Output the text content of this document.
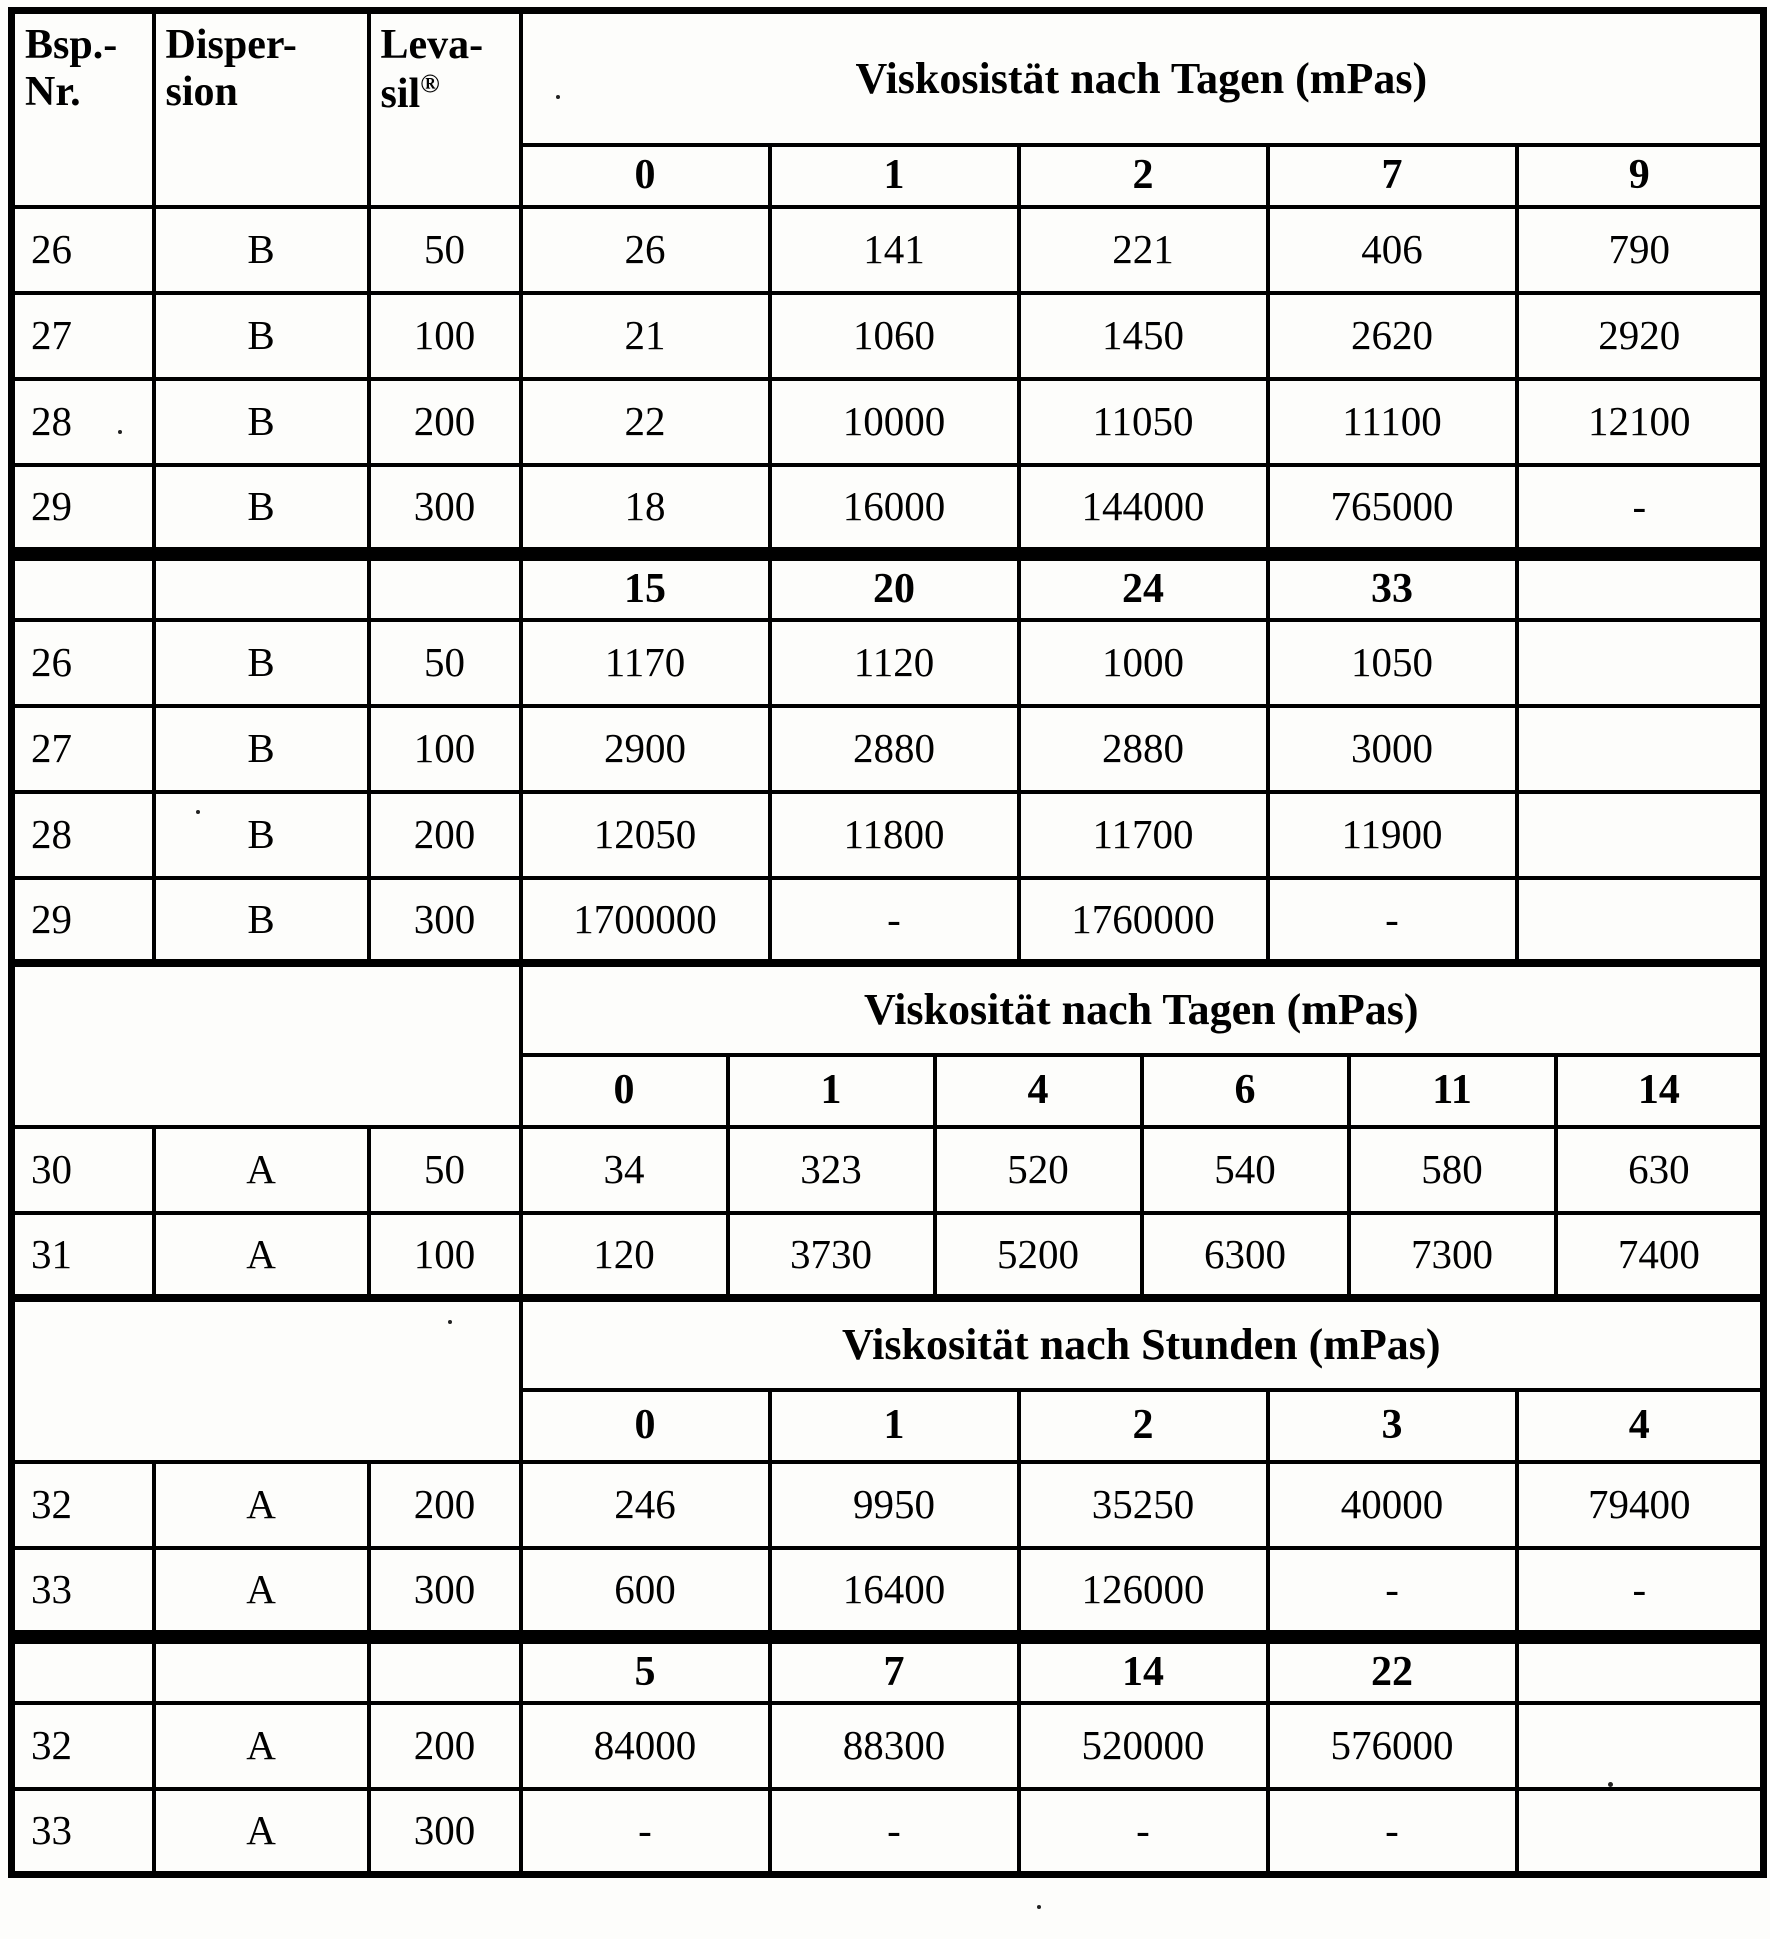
Bsp.-
Nr.	Disper-
sion	Leva-
sil®	Viskosistät nach Tagen (mPas)				
			0	1	2	7	9
26	B	50	26	141	221	406	790
27	B	100	21	1060	1450	2620	2920
28	B	200	22	10000	11050	11100	12100
29	B	300	18	16000	144000	765000	-
			15	20	24	33	
26	B	50	1170	1120	1000	1050	
27	B	100	2900	2880	2880	3000	
28	B	200	12050	11800	11700	11900	
29	B	300	1700000	-	1760000	-	
			Viskosität nach Tagen (mPas)					
			0	1	4	6	11	14
30	A	50	34	323	520	540	580	630
31	A	100	120	3730	5200	6300	7300	7400
			Viskosität nach Stunden (mPas)				
			0	1	2	3	4
32	A	200	246	9950	35250	40000	79400
33	A	300	600	16400	126000	-	-
			5	7	14	22	
32	A	200	84000	88300	520000	576000	
33	A	300	-	-	-	-	
